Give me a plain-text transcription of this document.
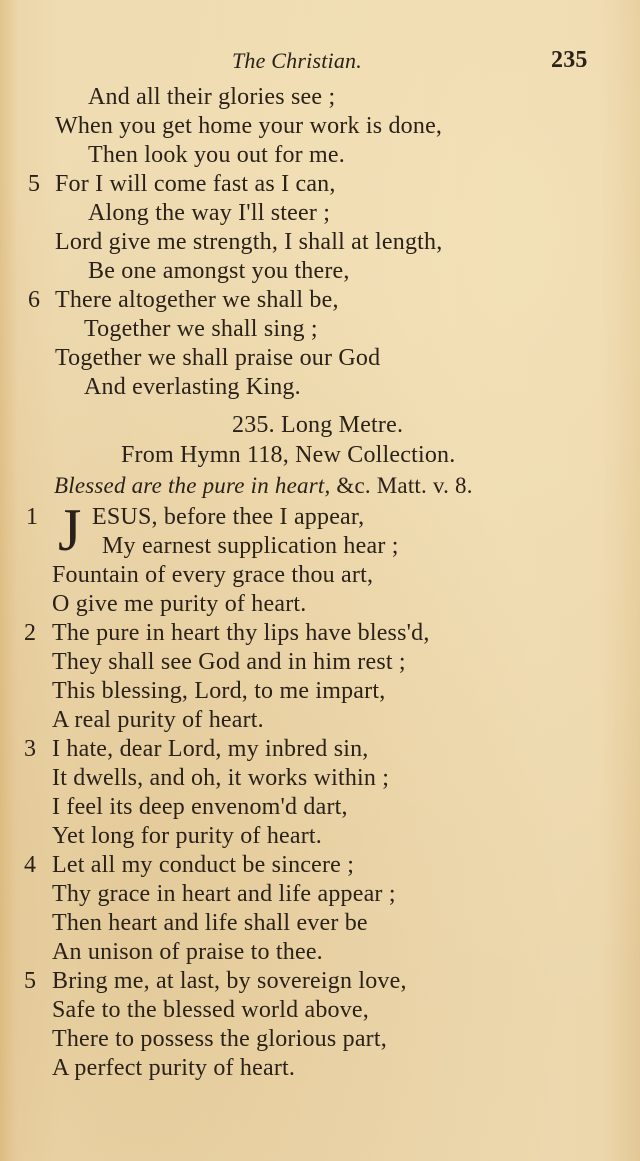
The Christian.	235
And all their glories see ;
When you get home your work is done,
Then look you out for me.
5 For I will come fast as I can,
Along the way I'll steer ;
Lord give me strength, I shall at length,
Be one amongst you there,
6 There altogether we shall be,
Together we shall sing ;
Together we shall praise our God
And everlasting King.
235. Long Metre.
From Hymn 118, New Collection.
Blessed are the pure in heart, &c. Matt. v. 8.
1 J ESUS, before thee I appear,
My earnest supplication hear ;
Fountain of every grace thou art,
O give me purity of heart.
2 The pure in heart thy lips have bless'd,
They shall see God and in him rest ;
This blessing, Lord, to me impart,
A real purity of heart.
3 I hate, dear Lord, my inbred sin,
It dwells, and oh, it works within ;
I feel its deep envenom'd dart,
Yet long for purity of heart.
4 Let all my conduct be sincere ;
Thy grace in heart and life appear ;
Then heart and life shall ever be
An unison of praise to thee.
5 Bring me, at last, by sovereign love,
Safe to the blessed world above,
There to possess the glorious part,
A perfect purity of heart.
